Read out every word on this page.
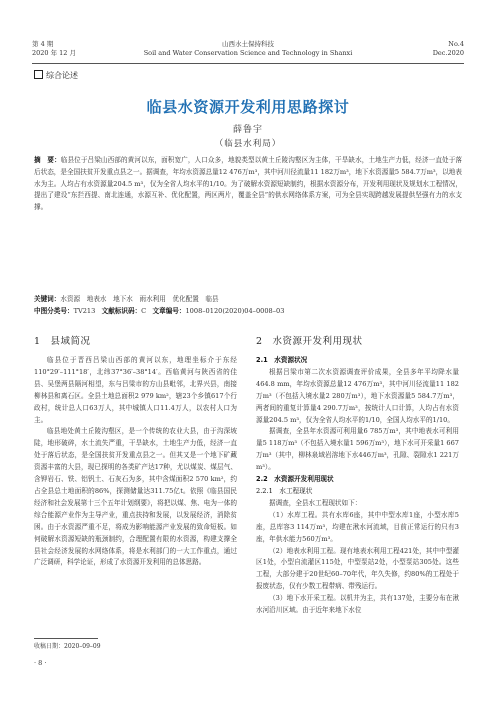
第 4 期
2020 年 12 月
山西水土保持科技
Soil and Water Conservation Science and Technology in Shanxi
No.4
Dec.2020
综合论述
临县水资源开发利用思路探讨
薛鲁宇
（临县水利局）
摘　要：临县位于吕梁山西部的黄河以东，面积宽广，人口众多，地貌类型以黄土丘陵沟壑区为主体，干旱缺水，土地生产力低，经济一直处于落后状态，是全国扶贫开发重点县之一。据调查，年均水资源总量12 476万m³，其中河川径流量11 182万m³，地下水资源量5 584.7万m³，以地表水为主。人均占有水资源量204.5 m³，仅为全省人均水平的1/10。为了破解水资源短缺制约，根据水资源分布，开发利用现状及规划水工程情况，提出了建设“东拦西提、南北连通，水源互补、优化配置，两区两片，覆盖全县”的供水网络体系方案，可为全县实现跨越发展提供坚强有力的水支撑。
关键词：水资源　地表水　地下水　雨水利用　优化配置　临县
中图分类号：TV213 文献标识码：C 文章编号：1008–0120(2020)04–0008–03

1　县域简况

临县位于晋西吕梁山西部的黄河以东，地理坐标介于东经110°29′–111°18′，北纬37°36′–38°14′。西临黄河与陕西省的佳县、吴堡两县隔河相望，东与吕梁市的方山县毗邻，北界兴县，南接柳林县和离石区。全县土地总面积2 979 km²，辖23个乡镇617个行政村，统计总人口63万人，其中城镇人口11.4万人，以农村人口为主。

临县地处黄土丘陵沟壑区，是一个传统的农业大县，由于沟深坡陡，地形破碎，水土流失严重，干旱缺水，土地生产力低，经济一直处于落后状态，是全国扶贫开发重点县之一。但其又是一个地下矿藏资源丰富的大县，现已探明的各类矿产达17种，尤以煤炭、煤层气、含钾岩石、铁、铝钒土、石灰石为多，其中含煤面积2 570 km²，约占全县总土地面积的86%，探测储量达311.75亿t。依照《临县国民经济和社会发展第十三个五年计划纲要》，将把以煤、焦、电为一体的综合能源产业作为主导产业，重点扶持和发展，以发展经济，消除贫困。由于水资源严重不足，将成为影响能源产业发展的致命短板。如何破解水资源短缺的瓶颈制约，合理配置有限的水资源，构建支撑全县社会经济发展的水网络体系，将是水利部门的一大工作重点，通过广泛调研，科学论证，形成了水资源开发利用的总体思路。

2　水资源开发利用现状

2.1　水资源状况

根据吕梁市第二次水资源调查评价成果，全县多年平均降水量464.8 mm，年均水资源总量12 476万m³，其中河川径流量11 182万m³（不包括入境水量2 280万m³），地下水资源量5 584.7万m³，两者间的重复计算量4 290.7万m³，按统计人口计算，人均占有水资源量204.5 m³，仅为全省人均水平的1/10，全国人均水平的1/10。

据调查，全县年水资源可利用量6 785万m³，其中地表水可利用量5 118万m³（不包括入境水量1 596万m³），地下水可开采量1 667万m³（其中，柳林泉域岩溶地下水446万m³，孔隙、裂隙水1 221万m³）。

2.2　水资源开发利用现状

2.2.1　水工程现状

据调查，全县水工程现状如下：

（1）水库工程。共有水库6座，其中中型水库1座，小型水库5座，总库容3 114万m³，均建在湫水河流域，目前正常运行的只有3座，年供水能力560万m³。

（2）地表水利用工程。现有地表水利用工程421处，其中中型灌区1处，小型自流灌区115处，中型泵站2处，小型泵站305处。这些工程，大部分建于20世纪60–70年代，年久失修，约80%的工程处于报废状态，仅有少数工程带病、带残运行。

（3）地下水开采工程。以机井为主，共有137处，主要分布在湫水河沿川区域。由于近年来地下水位

收稿日期：2020–09–09
· 8 ·
